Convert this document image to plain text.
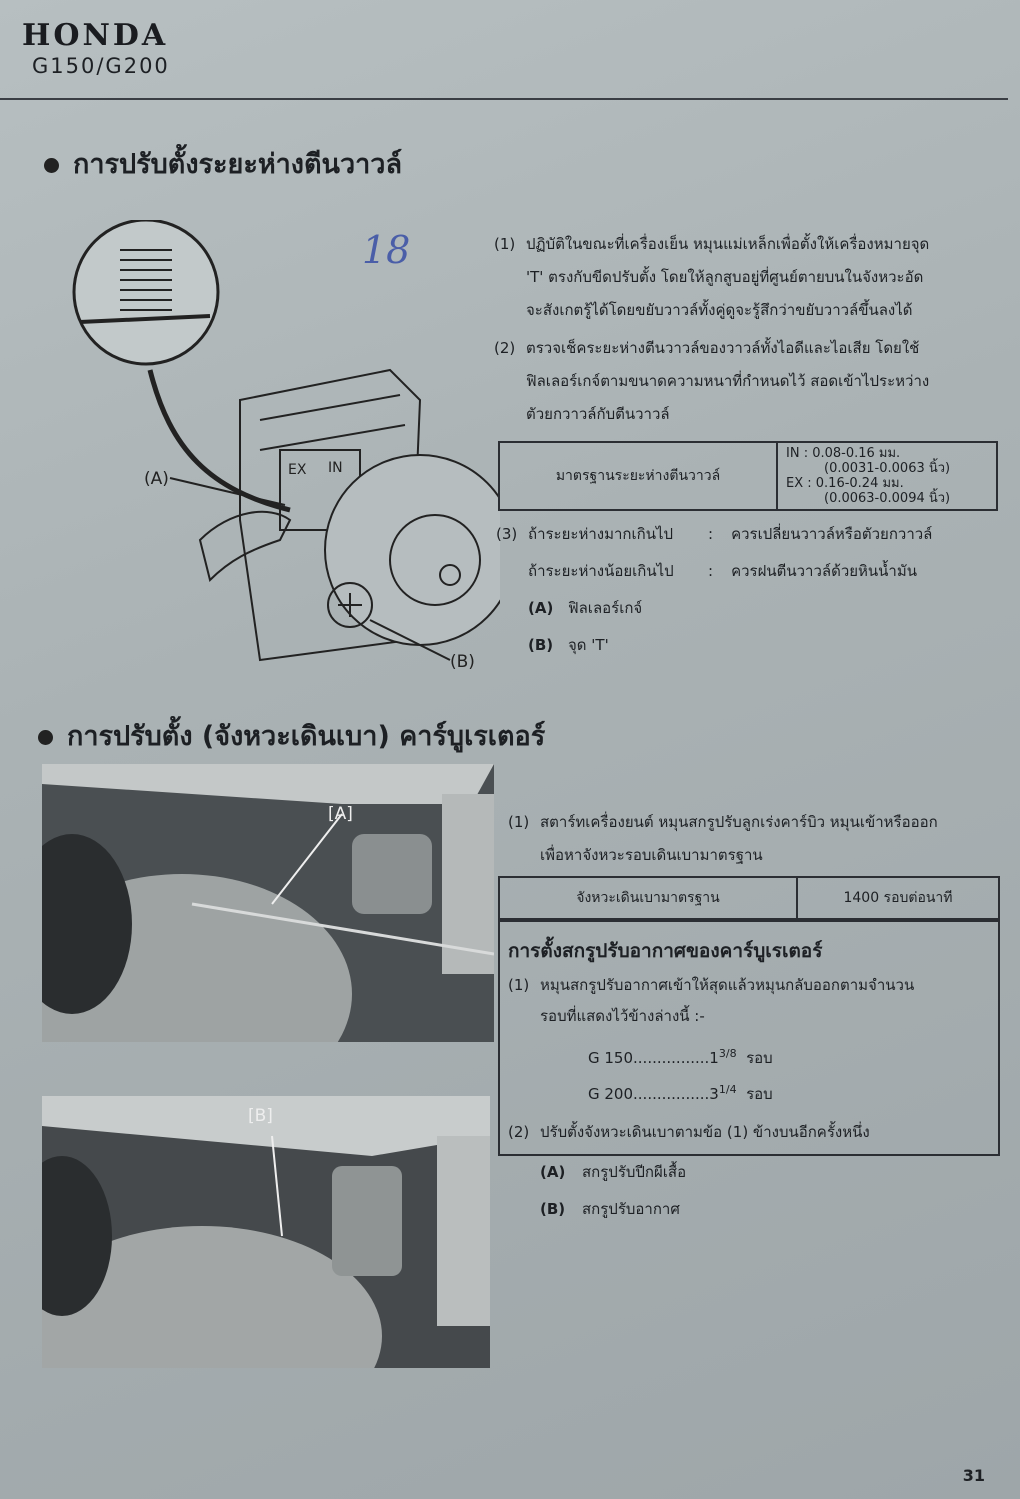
HONDA
G150/G200
การปรับตั้งระยะห่างตีนวาวล์
18
EX IN
(A)
(B)
(1) ปฏิบัติในขณะที่เครื่องเย็น หมุนแม่เหล็กเพื่อตั้งให้เครื่องหมายจุด
'T' ตรงกับขีดปรับตั้ง โดยให้ลูกสูบอยู่ที่ศูนย์ตายบนในจังหวะอัด
จะสังเกตรู้ได้โดยขยับวาวล์ทั้งคู่ดูจะรู้สึกว่าขยับวาวล์ขึ้นลงได้
(2) ตรวจเช็คระยะห่างตีนวาวล์ของวาวล์ทั้งไอดีและไอเสีย โดยใช้
ฟิลเลอร์เกจ์ตามขนาดความหนาที่กำหนดไว้ สอดเข้าไประหว่าง
ตัวยกวาวล์กับตีนวาวล์
มาตรฐานระยะห่างตีนวาวล์	
IN : 0.08-0.16 มม.
(0.0031-0.0063 นิ้ว)
EX : 0.16-0.24 มม.
(0.0063-0.0094 นิ้ว)
(3) ถ้าระยะห่างมากเกินไป : ควรเปลี่ยนวาวล์หรือตัวยกวาวล์
ถ้าระยะห่างน้อยเกินไป : ควรฝนตีนวาวล์ด้วยหินน้ำมัน
(A) ฟิลเลอร์เกจ์
(B) จุด 'T'
การปรับตั้ง (จังหวะเดินเบา) คาร์บูเรเตอร์
[A]
[B]
(1) สตาร์ทเครื่องยนต์ หมุนสกรูปรับลูกเร่งคาร์บิว หมุนเข้าหรือออก
เพื่อหาจังหวะรอบเดินเบามาตรฐาน
จังหวะเดินเบามาตรฐาน	1400 รอบต่อนาที
การตั้งสกรูปรับอากาศของคาร์บูเรเตอร์
(1) หมุนสกรูปรับอากาศเข้าให้สุดแล้วหมุนกลับออกตามจำนวน
รอบที่แสดงไว้ข้างล่างนี้ :-
G $150................1^{3/8}$ รอบ
G $200................3^{1/4}$ รอบ
(2) ปรับตั้งจังหวะเดินเบาตามข้อ (1) ข้างบนอีกครั้งหนึ่ง
(A) สกรูปรับปีกผีเสื้อ
(B) สกรูปรับอากาศ
31
